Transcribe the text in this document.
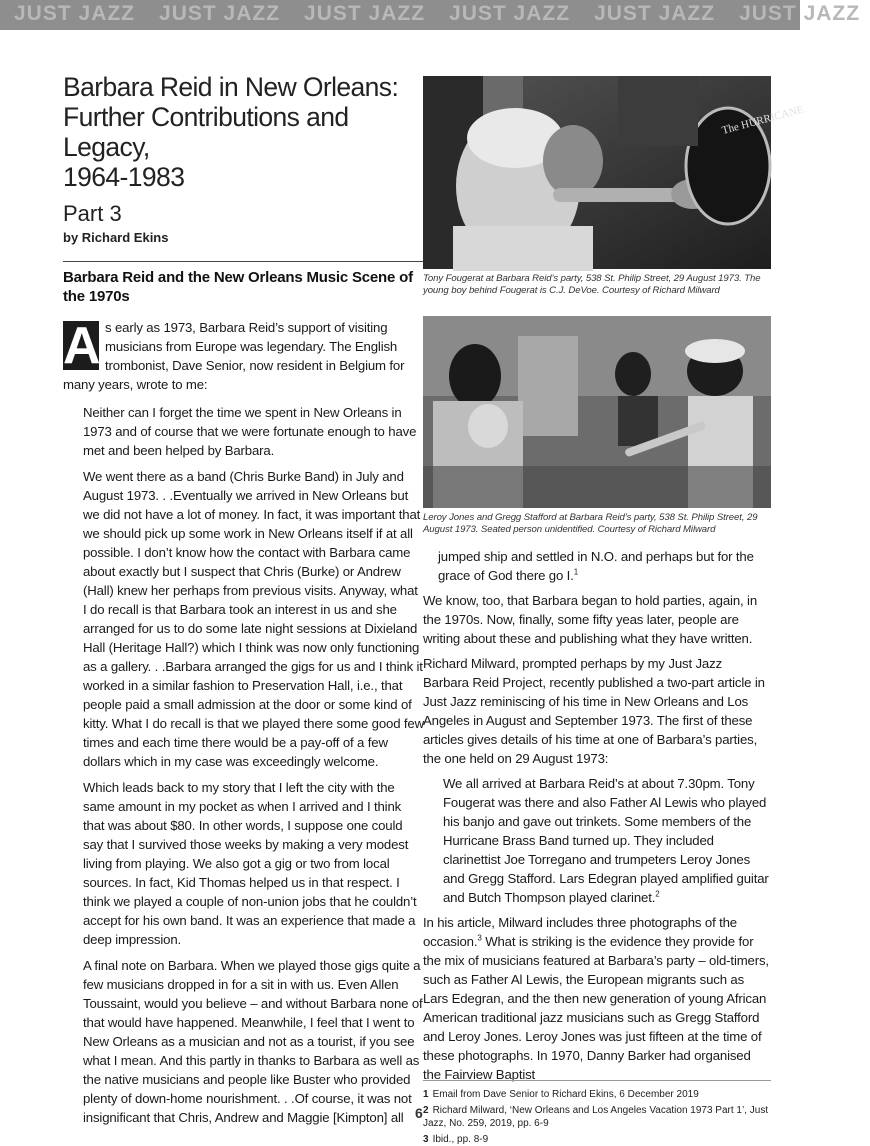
JUST JAZZ JUST JAZZ JUST JAZZ JUST JAZZ JUST JAZZ JUST JAZZ
Barbara Reid in New Orleans:
Further Contributions and Legacy,
1964-1983
Part 3
by Richard Ekins
Barbara Reid and the New Orleans Music Scene of the 1970s
A s early as 1973, Barbara Reid’s support of visiting musicians from Europe was legendary. The English trombonist, Dave Senior, now resident in Belgium for many years, wrote to me:

Neither can I forget the time we spent in New Orleans in 1973 and of course that we were fortunate enough to have met and been helped by Barbara.

We went there as a band (Chris Burke Band) in July and August 1973. . .Eventually we arrived in New Orleans but we did not have a lot of money. In fact, it was important that we should pick up some work in New Orleans itself if at all possible. I don’t know how the contact with Barbara came about exactly but I suspect that Chris (Burke) or Andrew (Hall) knew her perhaps from previous visits. Anyway, what I do recall is that Barbara took an interest in us and she arranged for us to do some late night sessions at Dixieland Hall (Heritage Hall?) which I think was now only functioning as a gallery. . .Barbara arranged the gigs for us and I think it worked in a similar fashion to Preservation Hall, i.e., that people paid a small admission at the door or some kind of kitty. What I do recall is that we played there some good few times and each time there would be a pay-off of a few dollars which in my case was exceedingly welcome.

Which leads back to my story that I left the city with the same amount in my pocket as when I arrived and I think that was about $80. In other words, I suppose one could say that I survived those weeks by making a very modest living from playing. We also got a gig or two from local sources. In fact, Kid Thomas helped us in that respect. I think we played a couple of non-union jobs that he couldn’t accept for his own band. It was an experience that made a deep impression.

A final note on Barbara. When we played those gigs quite a few musicians dropped in for a sit in with us. Even Allen Toussaint, would you believe – and without Barbara none of that would have happened. Meanwhile, I feel that I went to New Orleans as a musician and not as a tourist, if you see what I mean. And this partly in thanks to Barbara as well as the native musicians and people like Buster who provided plenty of down-home nourishment. . .Of course, it was not insignificant that Chris, Andrew and Maggie [Kimpton] all

The HURRICANE
Tony Fougerat at Barbara Reid’s party, 538 St. Philip Street, 29 August 1973. The young boy behind Fougerat is C.J. DeVoe. Courtesy of Richard Milward
Leroy Jones and Gregg Stafford at Barbara Reid’s party, 538 St. Philip Street, 29 August 1973. Seated person unidentified. Courtesy of Richard Milward

jumped ship and settled in N.O. and perhaps but for the grace of God there go I.$^1$

We know, too, that Barbara began to hold parties, again, in the 1970s. Now, finally, some fifty yeas later, people are writing about these and publishing what they have written.

Richard Milward, prompted perhaps by my Just Jazz Barbara Reid Project, recently published a two-part article in Just Jazz reminiscing of his time in New Orleans and Los Angeles in August and September 1973. The first of these articles gives details of his time at one of Barbara’s parties, the one held on 29 August 1973:

We all arrived at Barbara Reid’s at about 7.30pm. Tony Fougerat was there and also Father Al Lewis who played his banjo and gave out trinkets. Some members of the Hurricane Brass Band turned up. They included clarinettist Joe Torregano and trumpeters Leroy Jones and Gregg Stafford. Lars Edegran played amplified guitar and Butch Thompson played clarinet.$^2$

In his article, Milward includes three photographs of the occasion.$^3$ What is striking is the evidence they provide for the mix of musicians featured at Barbara’s party – old-timers, such as Father Al Lewis, the European migrants such as Lars Edegran, and the then new generation of young African American traditional jazz musicians such as Gregg Stafford and Leroy Jones. Leroy Jones was just fifteen at the time of these photographs. In 1970, Danny Barker had organised the Fairview Baptist

6
1 Email from Dave Senior to Richard Ekins, 6 December 2019
2 Richard Milward, ‘New Orleans and Los Angeles Vacation 1973 Part 1’, Just Jazz, No. 259, 2019, pp. 6-9
3 Ibid., pp. 8-9
